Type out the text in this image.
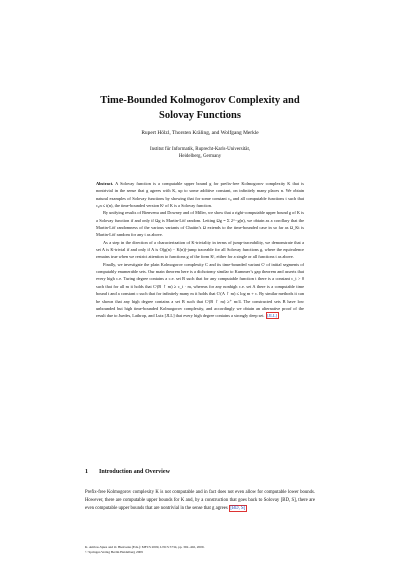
Time-Bounded Kolmogorov Complexity and
Solovay Functions
Rupert Hölzl, Thorsten Kräling, and Wolfgang Merkle
Institut für Informatik, Ruprecht-Karls-Universität,
Heidelberg, Germany

Abstract. A Solovay function is a computable upper bound g for prefix-free Kolmogorov complexity K that is nontrivial in the sense that g agrees with K, up to some additive constant, on infinitely many places n. We obtain natural examples of Solovay functions by showing that for some constant c₀ and all computable functions t such that c₀n ≤ t(n), the time-bounded version Kᵗ of K is a Solovay function.

By unifying results of Bienvenu and Downey and of Miller, we show that a right-computable upper bound g of K is a Solovay function if and only if Ωg is Martin-Löf random. Letting Ωg = Σ 2^−g(n), we obtain as a corollary that the Martin-Löf randomness of the various variants of Chaitin’s Ω extends to the time-bounded case in so far as Ω_Kt is Martin-Löf random for any t as above.

As a step in the direction of a characterization of K-triviality in terms of jump-traceability, we demonstrate that a set A is K-trivial if and only if A is O(g(n) − K(n))-jump traceable for all Solovay functions g, where the equivalence remains true when we restrict attention to functions g of the form Kᵗ, either for a single or all functions t as above.

Finally, we investigate the plain Kolmogorov complexity C and its time-bounded variant Cᵗ of initial segments of computably enumerable sets. Our main theorem here is a dichotomy similar to Kummer’s gap theorem and asserts that every high c.e. Turing degree contains a c.e. set B such that for any computable function t there is a constant c_t > 0 such that for all m it holds that Cᵗ(B ↾ m) ≥ c_t · m, whereas for any nonhigh c.e. set A there is a computable time bound t and a constant c such that for infinitely many m it holds that Cᵗ(A ↾ m) ≤ log m + c. By similar methods it can be shown that any high degree contains a set B such that Cᵗ(B ↾ m) ≥⁺ m/4. The constructed sets B have low unbounded but high time-bounded Kolmogorov complexity, and accordingly we obtain an alternative proof of the result due to Juedes, Lathrop, and Lutz [JLL] that every high degree contains a strongly deep set. [JLL]

1 Introduction and Overview

Prefix-free Kolmogorov complexity K is not computable and in fact does not even allow for computable lower bounds. However, there are computable upper bounds for K and, by a construction that goes back to Solovay [BD, S], there are even computable upper bounds that are nontrivial in the sense that g agrees [BD, S]

K. Ambos-Spies and O. Bienvenu (Eds.): MFCS 2009, LNCS 5734, pp. 392–402, 2009.
© Springer-Verlag Berlin Heidelberg 2009
